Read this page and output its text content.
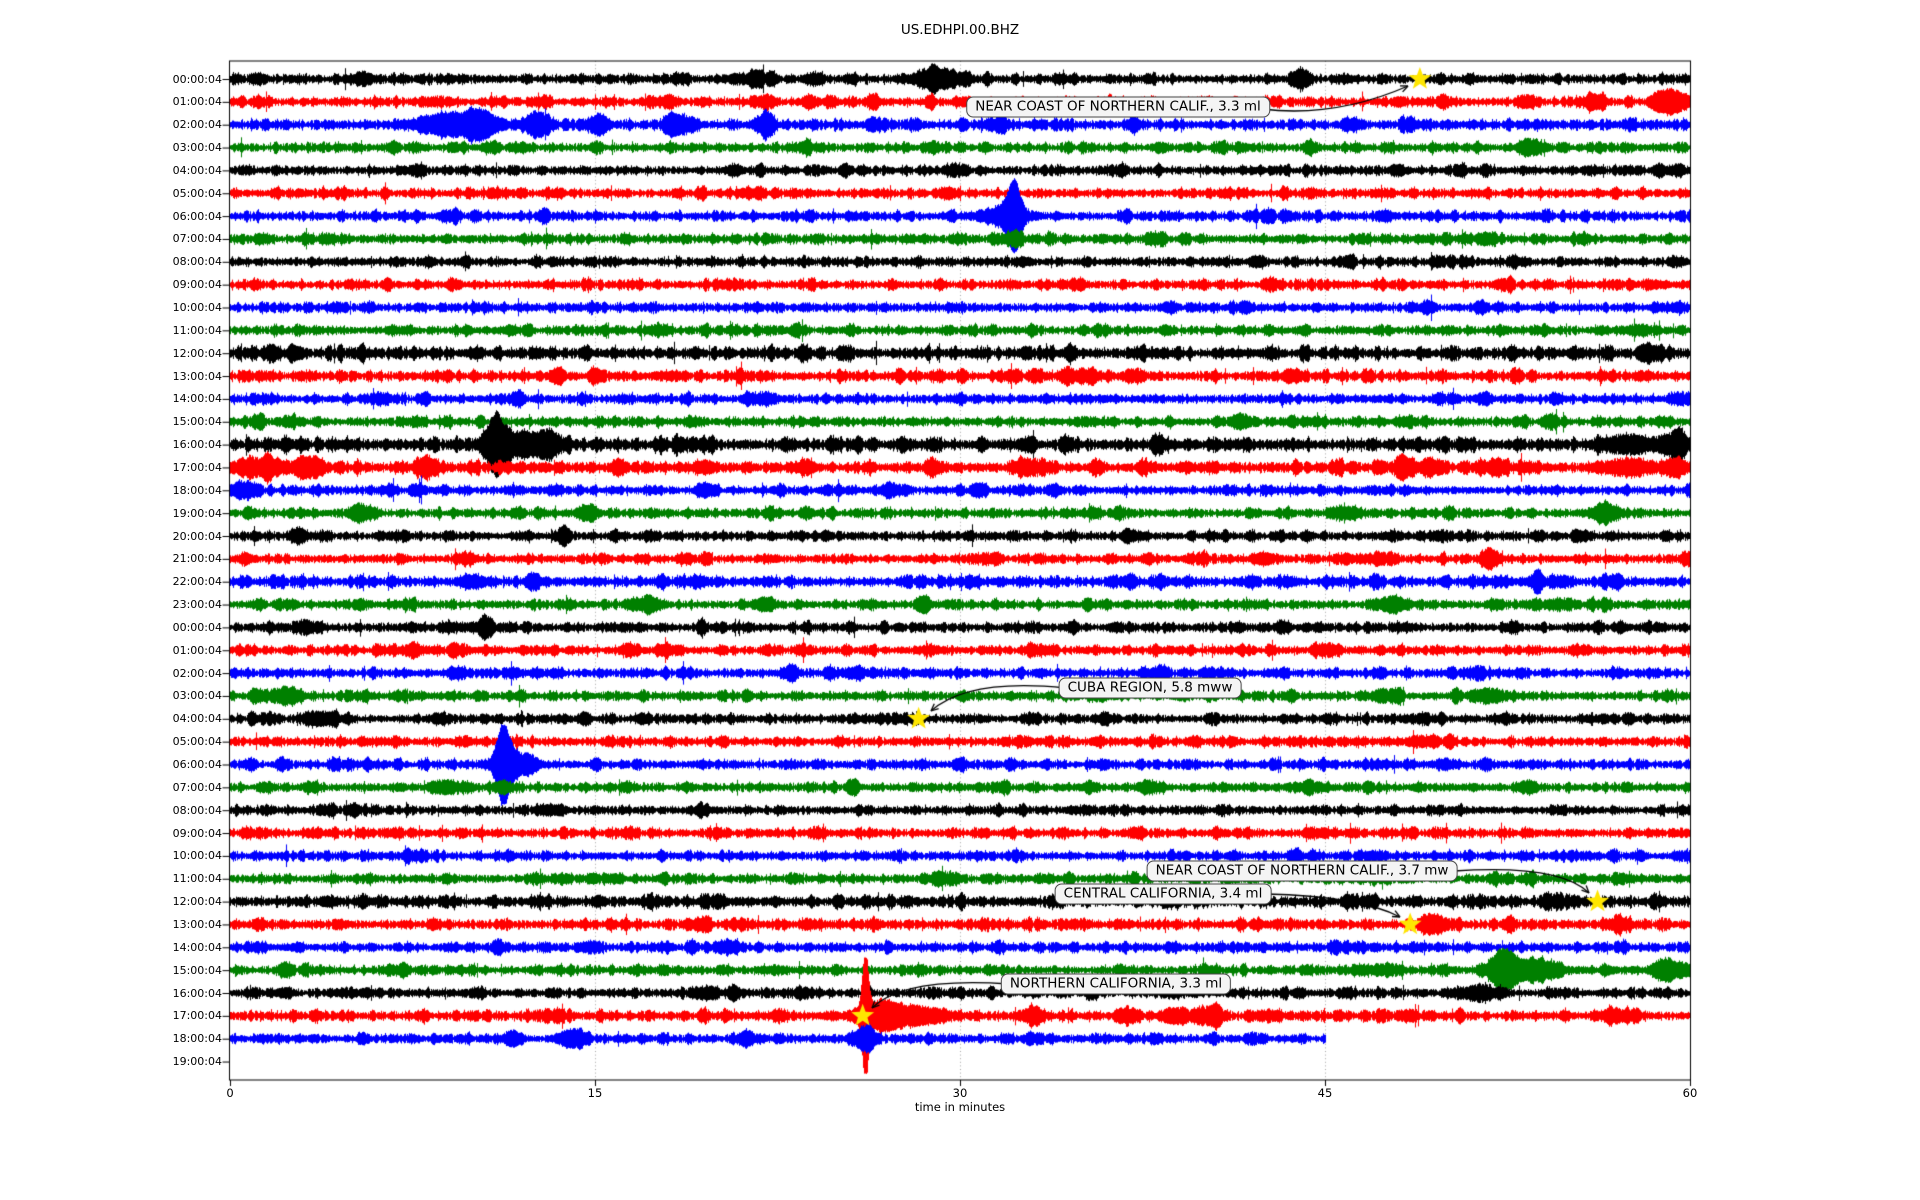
US.EDHPI.00.BHZ
00:00:04
01:00:04
02:00:04
03:00:04
04:00:04
05:00:04
06:00:04
07:00:04
08:00:04
09:00:04
10:00:04
11:00:04
12:00:04
13:00:04
14:00:04
15:00:04
16:00:04
17:00:04
18:00:04
19:00:04
20:00:04
21:00:04
22:00:04
23:00:04
00:00:04
01:00:04
02:00:04
03:00:04
04:00:04
05:00:04
06:00:04
07:00:04
08:00:04
09:00:04
10:00:04
11:00:04
12:00:04
13:00:04
14:00:04
15:00:04
16:00:04
17:00:04
18:00:04
19:00:04
0	15	30	45	60
time in minutes
NEAR COAST OF NORTHERN CALIF., 3.3 ml
CUBA REGION, 5.8 mww
NEAR COAST OF NORTHERN CALIF., 3.7 mw
CENTRAL CALIFORNIA, 3.4 ml
NORTHERN CALIFORNIA, 3.3 ml
